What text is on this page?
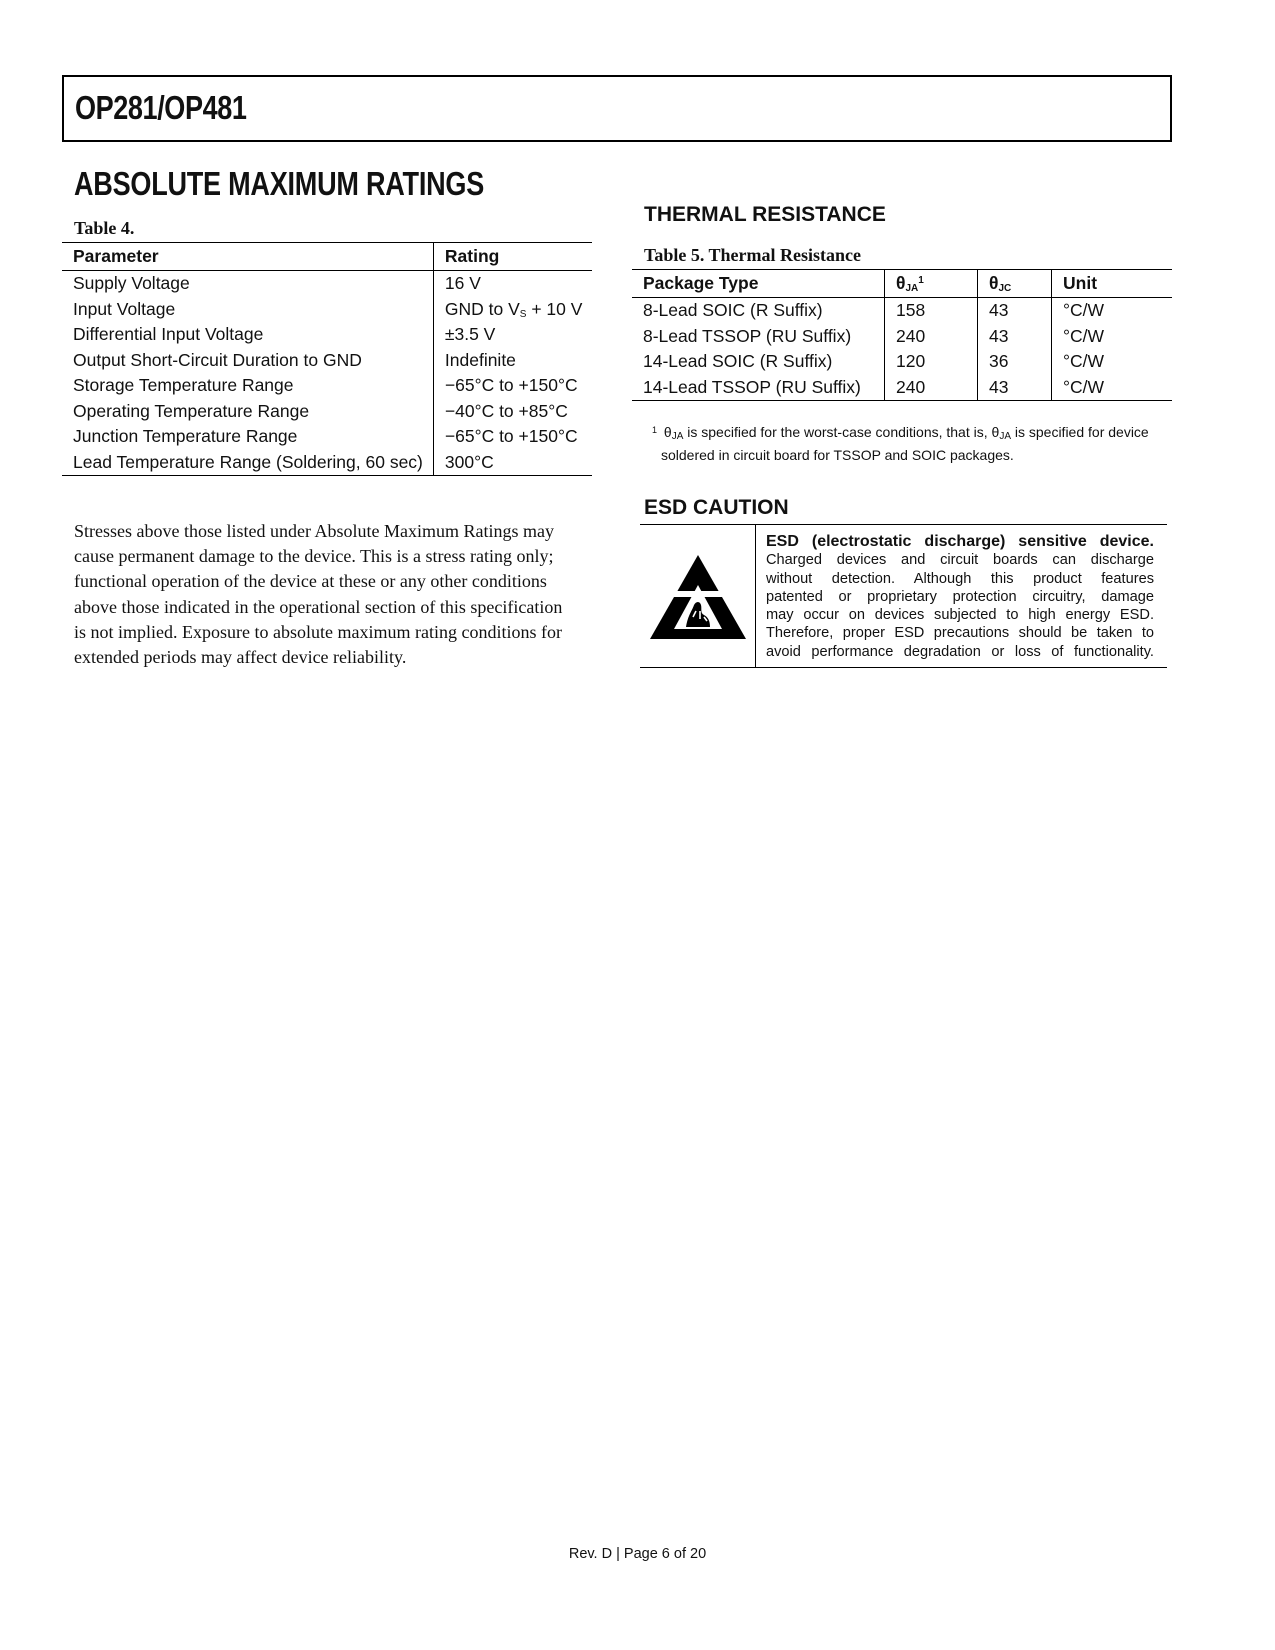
OP281/OP481
ABSOLUTE MAXIMUM RATINGS
Table 4.
Parameter	Rating
Supply Voltage	16 V
Input Voltage	GND to $V_S + 10$ V
Differential Input Voltage	±3.5 V
Output Short-Circuit Duration to GND	Indefinite
Storage Temperature Range	−65°C to +150°C
Operating Temperature Range	−40°C to +85°C
Junction Temperature Range	−65°C to +150°C
Lead Temperature Range (Soldering, 60 sec)	300°C
Stresses above those listed under Absolute Maximum Ratings may cause permanent damage to the device. This is a stress rating only; functional operation of the device at these or any other conditions above those indicated in the operational section of this specification is not implied. Exposure to absolute maximum rating conditions for extended periods may affect device reliability.
THERMAL RESISTANCE
Table 5. Thermal Resistance
Package Type	$\theta_{JA}^1$	$\theta_{JC}$	Unit
8-Lead SOIC (R Suffix)	158	43	°C/W
8-Lead TSSOP (RU Suffix)	240	43	°C/W
14-Lead SOIC (R Suffix)	120	36	°C/W
14-Lead TSSOP (RU Suffix)	240	43	°C/W
$^1$ $\theta_{JA}$ is specified for the worst-case conditions, that is, $\theta_{JA}$ is specified for device
soldered in circuit board for TSSOP and SOIC packages.
ESD CAUTION
ESD (electrostatic discharge) sensitive device.
Charged devices and circuit boards can discharge
without detection. Although this product features
patented or proprietary protection circuitry, damage
may occur on devices subjected to high energy ESD.
Therefore, proper ESD precautions should be taken to
avoid performance degradation or loss of functionality.
Rev. D | Page 6 of 20
